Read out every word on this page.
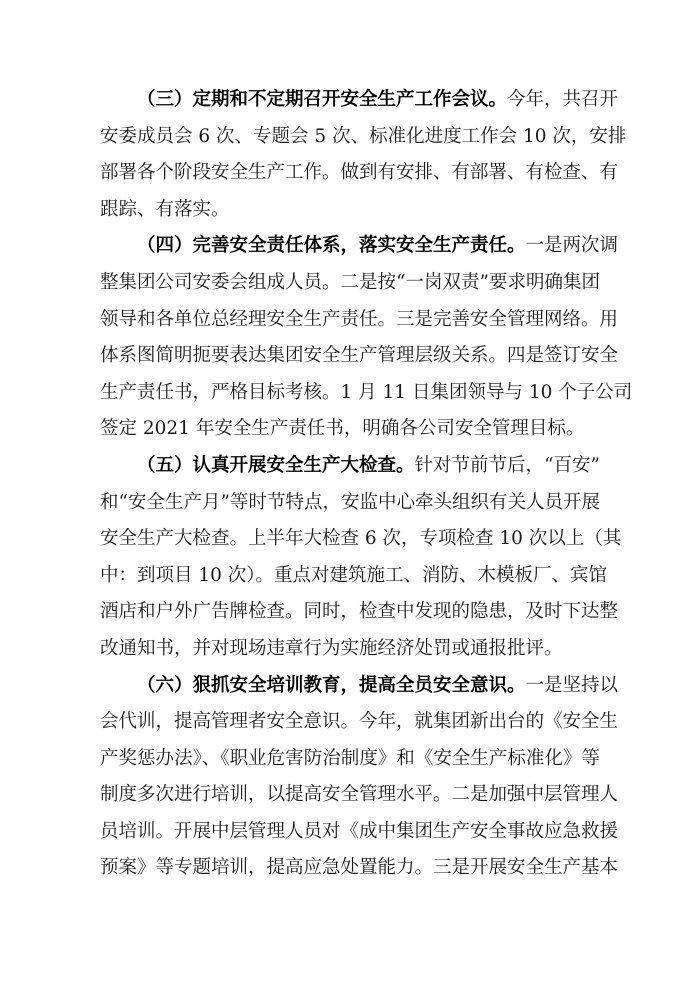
（三）定期和不定期召开安全生产工作会议。今年，共召开
安委成员会 6 次、专题会 5 次、标准化进度工作会 10 次，安排
部署各个阶段安全生产工作。做到有安排、有部署、有检查、有
跟踪、有落实。
（四）完善安全责任体系，落实安全生产责任。一是两次调
整集团公司安委会组成人员。二是按“一岗双责”要求明确集团
领导和各单位总经理安全生产责任。三是完善安全管理网络。用
体系图简明扼要表达集团安全生产管理层级关系。四是签订安全
生产责任书，严格目标考核。1 月 11 日集团领导与 10 个子公司
签定 2021 年安全生产责任书，明确各公司安全管理目标。
（五）认真开展安全生产大检查。针对节前节后，“百安”
和“安全生产月”等时节特点，安监中心牵头组织有关人员开展
安全生产大检查。上半年大检查 6 次，专项检查 10 次以上（其
中：到项目 10 次）。重点对建筑施工、消防、木模板厂、宾馆
酒店和户外广告牌检查。同时，检查中发现的隐患，及时下达整
改通知书，并对现场违章行为实施经济处罚或通报批评。
（六）狠抓安全培训教育，提高全员安全意识。一是坚持以
会代训，提高管理者安全意识。今年，就集团新出台的《安全生
产奖惩办法》、《职业危害防治制度》和《安全生产标准化》等
制度多次进行培训，以提高安全管理水平。二是加强中层管理人
员培训。开展中层管理人员对《成中集团生产安全事故应急救援
预案》等专题培训，提高应急处置能力。三是开展安全生产基本
